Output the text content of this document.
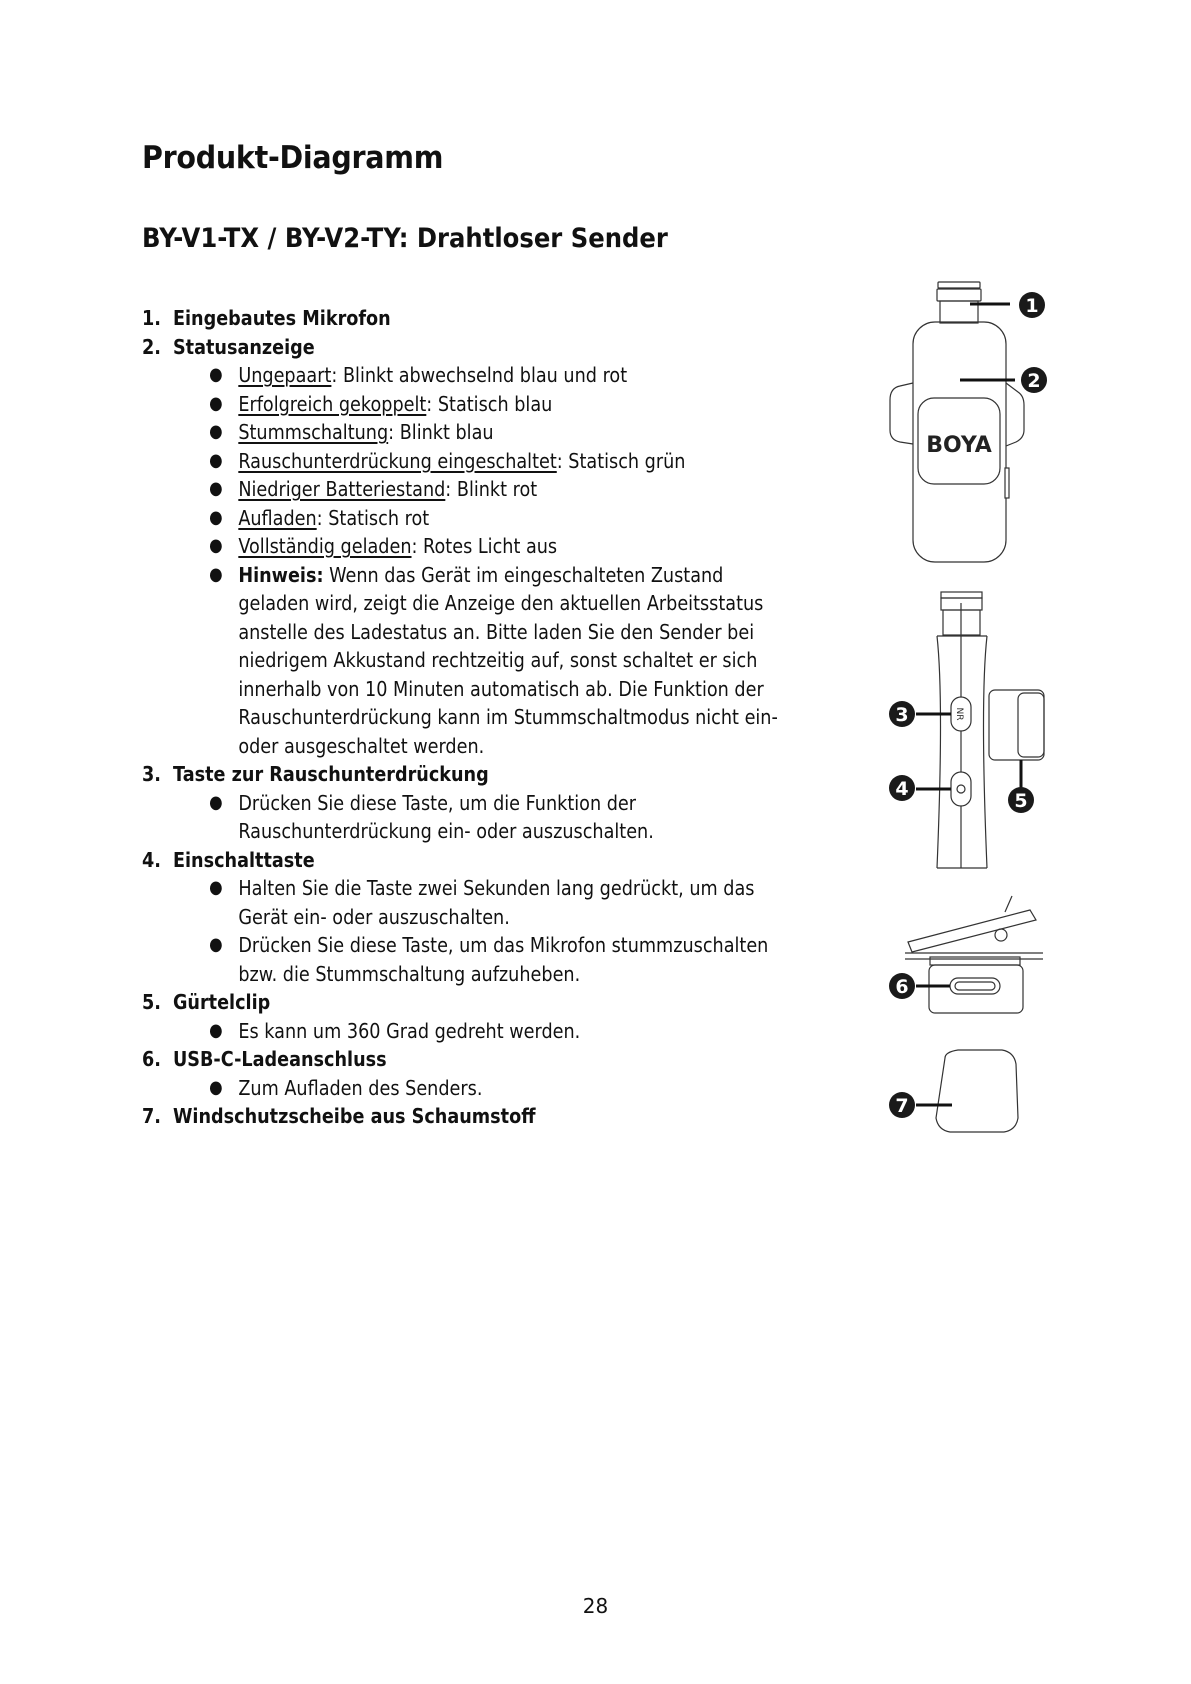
Produkt-Diagramm
BY-V1-TX / BY-V2-TY: Drahtloser Sender
1. Eingebautes Mikrofon
2. Statusanzeige
● Ungepaart: Blinkt abwechselnd blau und rot
● Erfolgreich gekoppelt: Statisch blau
● Stummschaltung: Blinkt blau
● Rauschunterdrückung eingeschaltet: Statisch grün
● Niedriger Batteriestand: Blinkt rot
● Aufladen: Statisch rot
● Vollständig geladen: Rotes Licht aus
● Hinweis: Wenn das Gerät im eingeschalteten Zustand
geladen wird, zeigt die Anzeige den aktuellen Arbeitsstatus
anstelle des Ladestatus an. Bitte laden Sie den Sender bei
niedrigem Akkustand rechtzeitig auf, sonst schaltet er sich
innerhalb von 10 Minuten automatisch ab. Die Funktion der
Rauschunterdrückung kann im Stummschaltmodus nicht ein-
oder ausgeschaltet werden.
3. Taste zur Rauschunterdrückung
● Drücken Sie diese Taste, um die Funktion der
Rauschunterdrückung ein- oder auszuschalten.
4. Einschalttaste
● Halten Sie die Taste zwei Sekunden lang gedrückt, um das
Gerät ein- oder auszuschalten.
● Drücken Sie diese Taste, um das Mikrofon stummzuschalten
bzw. die Stummschaltung aufzuheben.
5. Gürtelclip
● Es kann um 360 Grad gedreht werden.
6. USB-C-Ladeanschluss
● Zum Aufladen des Senders.
7. Windschutzscheibe aus Schaumstoff
BOYA
NR
1
2
3
4
5
6
7
28
